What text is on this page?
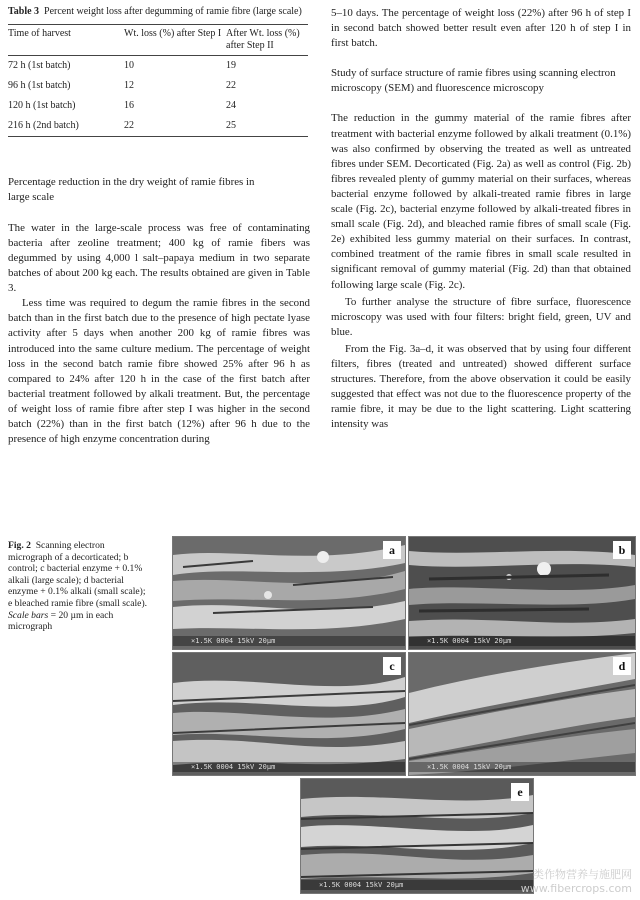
Table 3 Percent weight loss after degumming of ramie fibre (large scale)
Time of harvest	Wt. loss (%) after Step I	After Wt. loss (%) after Step II
72 h (1st batch)	10	19
96 h (1st batch)	12	22
120 h (1st batch)	16	24
216 h (2nd batch)	22	25

Percentage reduction in the dry weight of ramie fibres in large scale

The water in the large-scale process was free of contaminating bacteria after zeoline treatment; 400 kg of ramie fibers was degummed by using 4,000 l salt–papaya medium in two separate batches of about 200 kg each. The results obtained are given in Table 3.

Less time was required to degum the ramie fibres in the second batch than in the first batch due to the presence of high pectate lyase activity after 5 days when another 200 kg of ramie fibres was introduced into the same culture medium. The percentage of weight loss in the second batch ramie fibre showed 25% after 96 h as compared to 24% after 120 h in the case of the first batch after bacterial treatment followed by alkali treatment. But, the percentage of weight loss of ramie fibre after step I was higher in the second batch (22%) than in the first batch (12%) after 96 h due to the presence of high enzyme concentration during

5–10 days. The percentage of weight loss (22%) after 96 h of step I in second batch showed better result even after 120 h of step I in first batch.

Study of surface structure of ramie fibres using scanning electron microscopy (SEM) and fluorescence microscopy

The reduction in the gummy material of the ramie fibres after treatment with bacterial enzyme followed by alkali treatment (0.1%) was also confirmed by observing the treated as well as untreated fibres under SEM. Decorticated (Fig. 2a) as well as control (Fig. 2b) fibres revealed plenty of gummy material on their surfaces, whereas bacterial enzyme followed by alkali-treated ramie fibres in large scale (Fig. 2c), bacterial enzyme followed by alkali-treated fibres in small scale (Fig. 2d), and bleached ramie fibres of small scale (Fig. 2e) exhibited less gummy material on their surfaces. In contrast, combined treatment of the ramie fibres in small scale resulted in significant removal of gummy material (Fig. 2d) than that obtained following large scale (Fig. 2c).

To further analyse the structure of fibre surface, fluorescence microscopy was used with four filters: bright field, green, UV and blue.

From the Fig. 3a–d, it was observed that by using four different filters, fibres (treated and untreated) showed different surface structures. Therefore, from the above observation it could be easily suggested that effect was not due to the fluorescence property of the ramie fibre, it may be due to the light scattering. Light scattering intensity was

Fig. 2 Scanning electron micrograph of a decorticated; b control; c bacterial enzyme + 0.1% alkali (large scale); d bacterial enzyme + 0.1% alkali (small scale); e bleached ramie fibre (small scale). Scale bars = 20 µm in each micrograph
a
×1.5K 0004 15kV 20μm
b
×1.5K 0004 15kV 20μm
c
×1.5K 0004 15kV 20μm
d
×1.5K 0004 15kV 20μm
e
×1.5K 0004 15kV 20μm
类作物营养与施肥网
www.fibercrops.com
